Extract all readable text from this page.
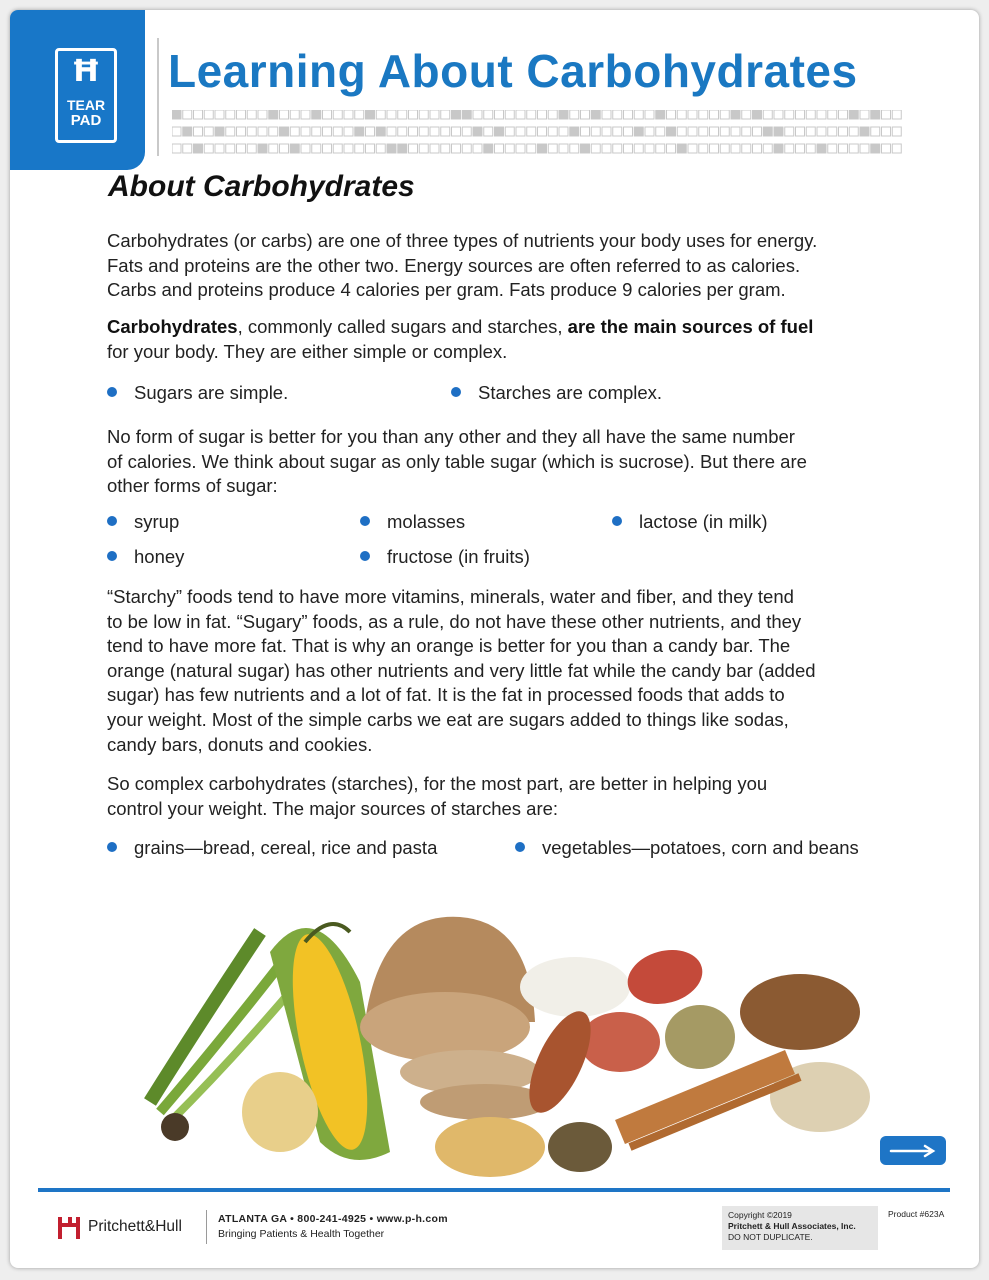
Ħ
TEAR
PAD
Learning About Carbohydrates
About Carbohydrates

Carbohydrates (or carbs) are one of three types of nutrients your body uses for energy.
Fats and proteins are the other two. Energy sources are often referred to as calories.
Carbs and proteins produce 4 calories per gram. Fats produce 9 calories per gram.

Carbohydrates, commonly called sugars and starches, are the main sources of fuel
for your body. They are either simple or complex.

Sugars are simple.	Starches are complex.

No form of sugar is better for you than any other and they all have the same number
of calories. We think about sugar as only table sugar (which is sucrose). But there are
other forms of sugar:

syrup	molasses	lactose (in milk)
honey	fructose (in fruits)

“Starchy” foods tend to have more vitamins, minerals, water and fiber, and they tend
to be low in fat. “Sugary” foods, as a rule, do not have these other nutrients, and they
tend to have more fat. That is why an orange is better for you than a candy bar. The
orange (natural sugar) has other nutrients and very little fat while the candy bar (added
sugar) has few nutrients and a lot of fat. It is the fat in processed foods that adds to
your weight. Most of the simple carbs we eat are sugars added to things like sodas,
candy bars, donuts and cookies.

So complex carbohydrates (starches), for the most part, are better in helping you
control your weight. The major sources of starches are:

grains—bread, cereal, rice and pasta	vegetables—potatoes, corn and beans
Pritchett&Hull	ATLANTA GA • 800-241-4925 • www.p-h.com
Bringing Patients & Health Together
Copyright ©2019
Pritchett & Hull Associates, Inc.
DO NOT DUPLICATE.
Product #623A
